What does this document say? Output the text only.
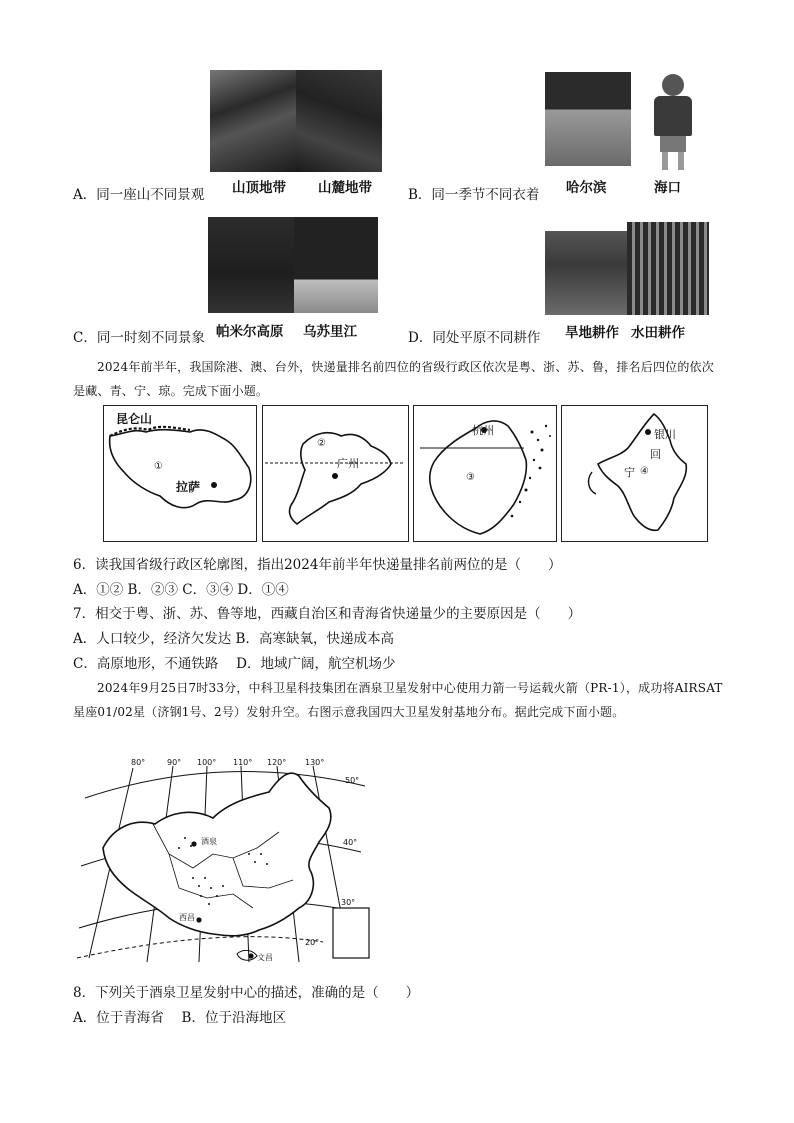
A．同一座山不同景观 山顶地带 山麓地带	B．同一季节不同衣着 哈尔滨	海口
C．同一时刻不同景象 帕米尔高原 乌苏里江	D．同处平原不同耕作 旱地耕作 水田耕作
2024年前半年，我国除港、澳、台外，快递量排名前四位的省级行政区依次是粤、浙、苏、鲁，排名后四位的依次是藏、青、宁、琼。完成下面小题。
昆仑山
①
拉萨
②
广州
杭州
③
银川
回
宁 ④
6．读我国省级行政区轮廓图，指出2024年前半年快递量排名前两位的是（　　）
A．①② B．②③ C．③④ D．①④
7．相交于粤、浙、苏、鲁等地，西藏自治区和青海省快递量少的主要原因是（　　）
A．人口较少，经济欠发达 B．高寒缺氧，快递成本高
C．高原地形，不通铁路　 D．地域广阔，航空机场少
2024年9月25日7时33分，中科卫星科技集团在酒泉卫星发射中心使用力箭一号运载火箭（PR-1），成功将AIRSAT星座01/02星（济钢1号、2号）发射升空。右图示意我国四大卫星发射基地分布。据此完成下面小题。
80°	90° 100° 110° 120° 130°
50°
40°
30°
20°
酒泉
西昌
文昌
8．下列关于酒泉卫星发射中心的描述，准确的是（　　）
A．位于青海省　 B．位于沿海地区
